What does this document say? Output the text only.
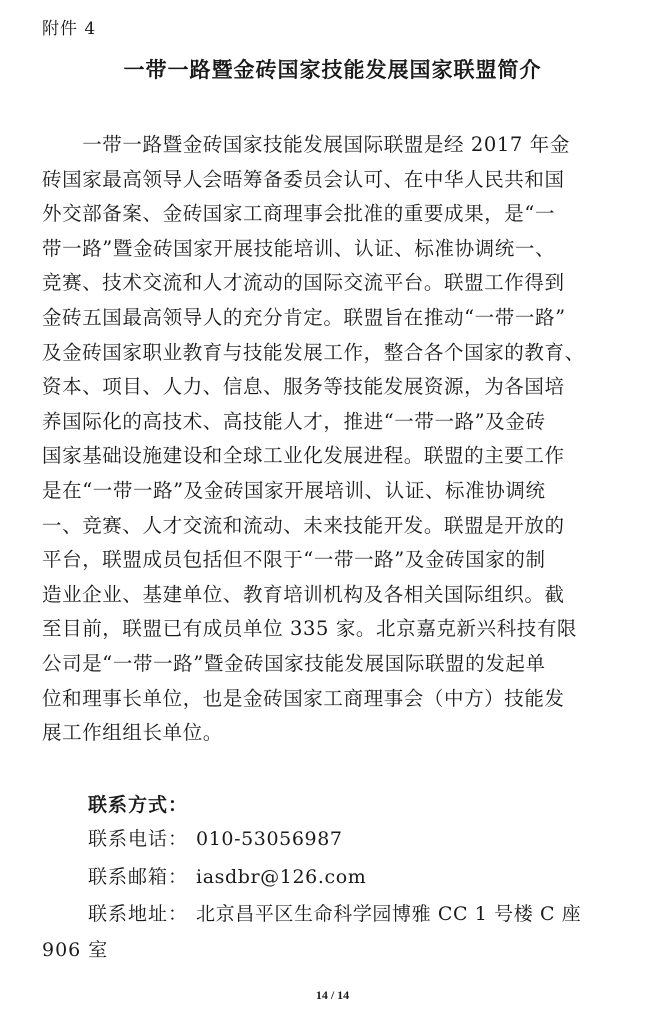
附件 4
一带一路暨金砖国家技能发展国家联盟简介
　　一带一路暨金砖国家技能发展国际联盟是经 2017 年金
砖国家最高领导人会晤筹备委员会认可、在中华人民共和国
外交部备案、金砖国家工商理事会批准的重要成果，是“一
带一路”暨金砖国家开展技能培训、认证、标准协调统一、
竞赛、技术交流和人才流动的国际交流平台。联盟工作得到
金砖五国最高领导人的充分肯定。联盟旨在推动“一带一路”
及金砖国家职业教育与技能发展工作，整合各个国家的教育、
资本、项目、人力、信息、服务等技能发展资源，为各国培
养国际化的高技术、高技能人才，推进“一带一路”及金砖
国家基础设施建设和全球工业化发展进程。联盟的主要工作
是在“一带一路”及金砖国家开展培训、认证、标准协调统
一、竞赛、人才交流和流动、未来技能开发。联盟是开放的
平台，联盟成员包括但不限于“一带一路”及金砖国家的制
造业企业、基建单位、教育培训机构及各相关国际组织。截
至目前，联盟已有成员单位 335 家。北京嘉克新兴科技有限
公司是“一带一路”暨金砖国家技能发展国际联盟的发起单
位和理事长单位，也是金砖国家工商理事会（中方）技能发
展工作组组长单位。
联系方式：
联系电话： 010-53056987
联系邮箱： iasdbr@126.com
联系地址： 北京昌平区生命科学园博雅 CC 1 号楼 C 座
906 室
14 / 14
